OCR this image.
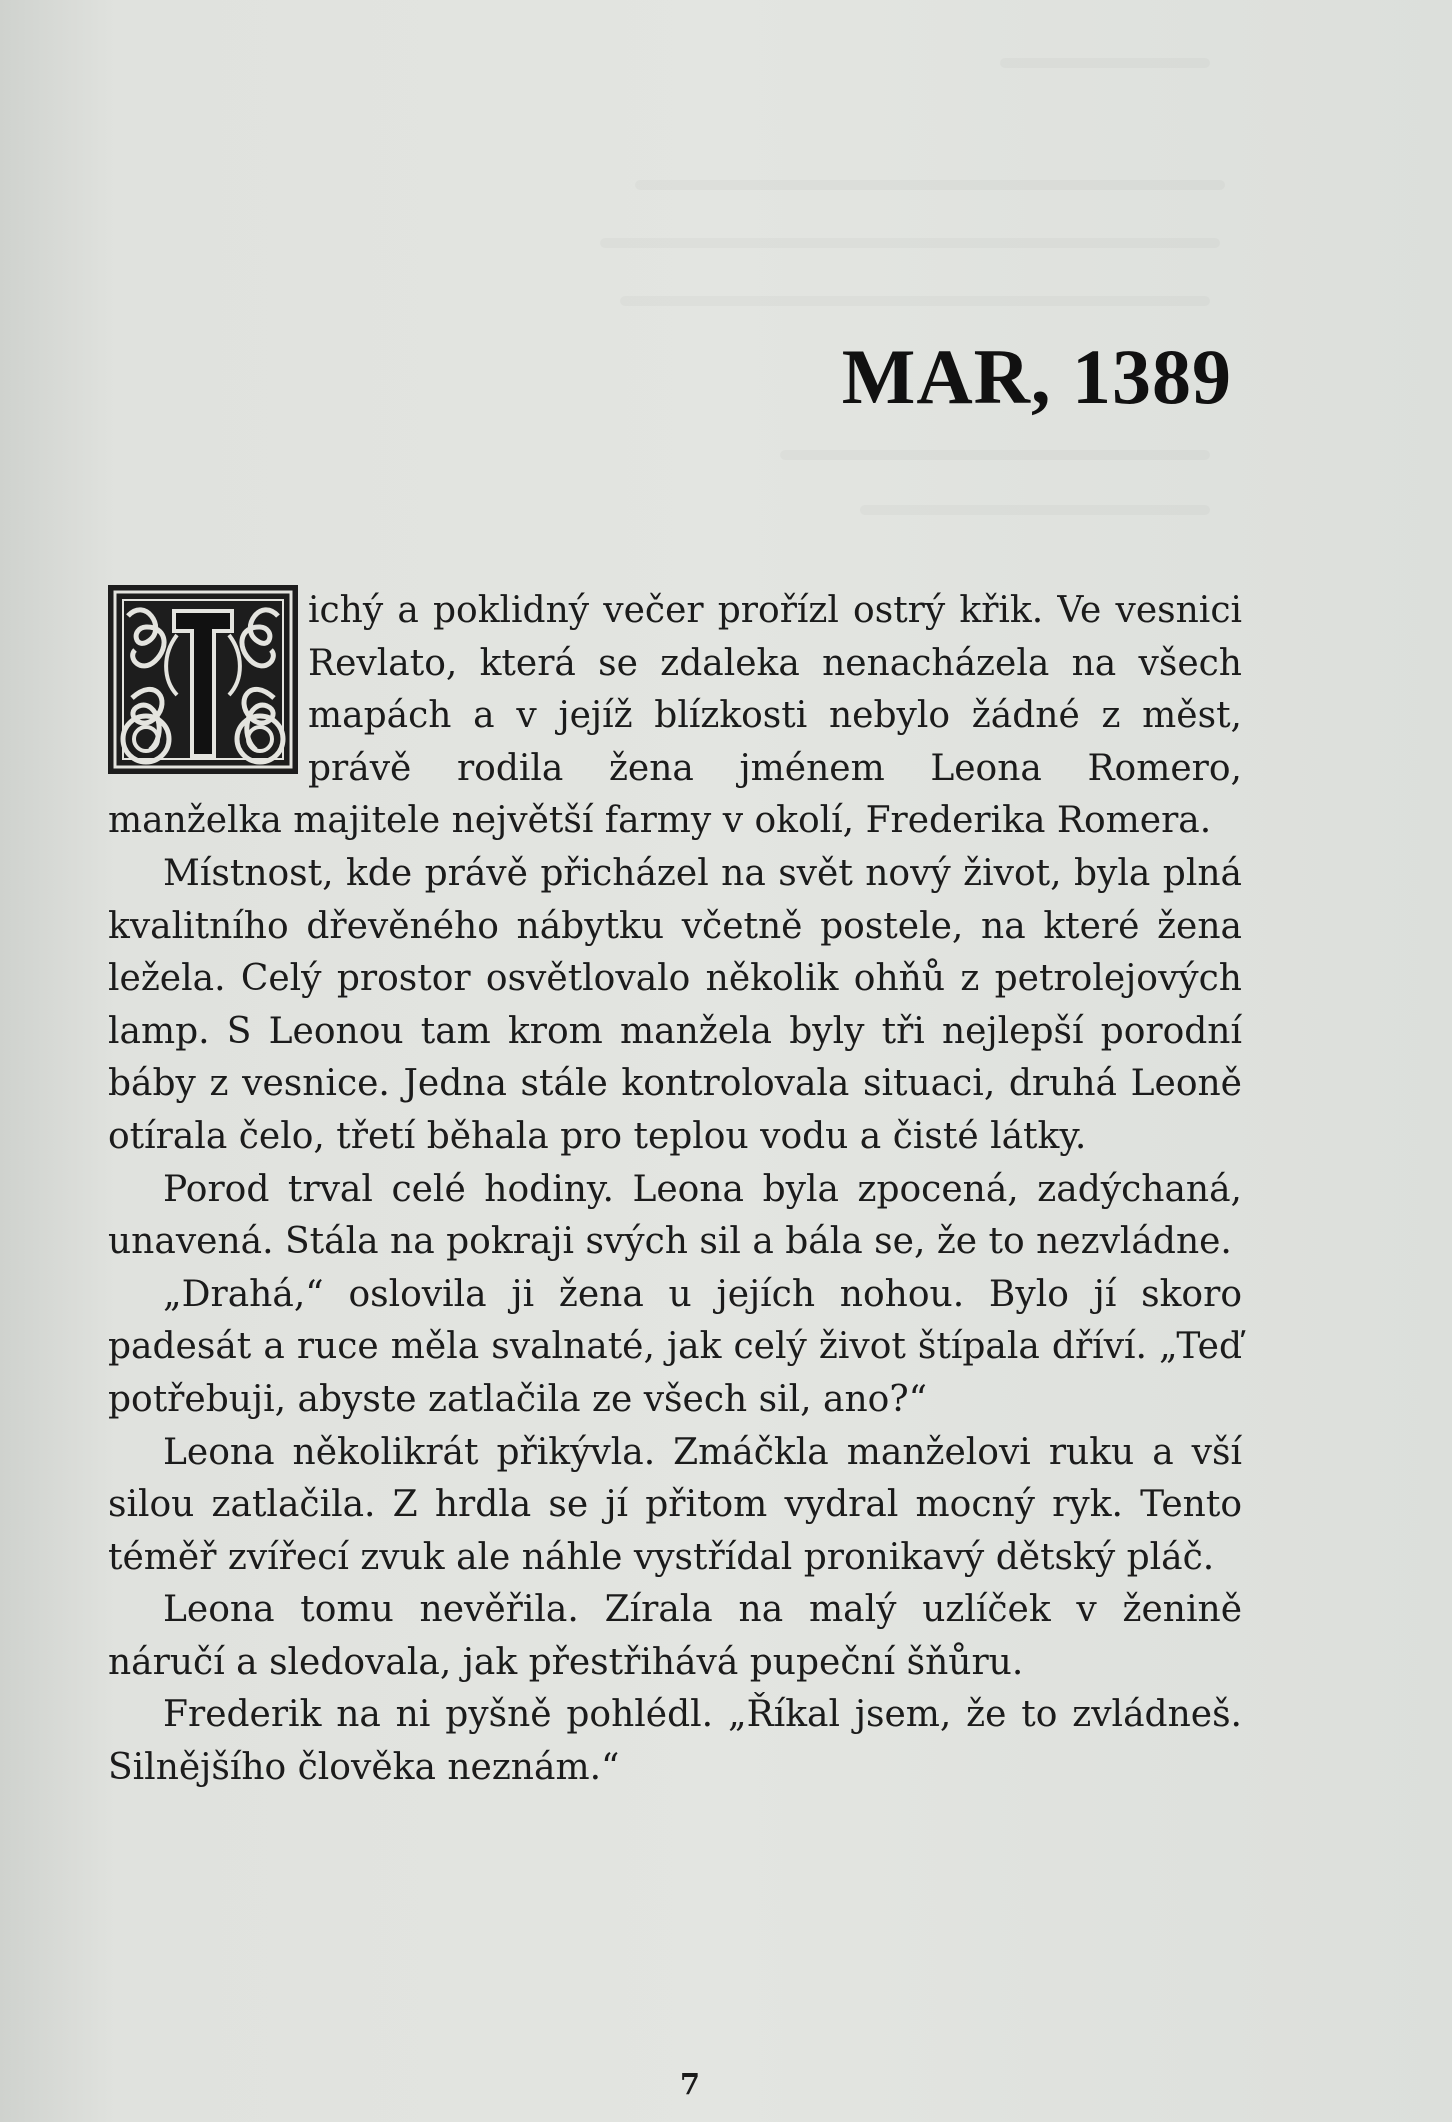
MAR, 1389

ichý a poklidný večer prořízl ostrý křik. Ve vesnici Revlato, která se zdaleka nenacházela na všech mapách a v jejíž blízkosti nebylo žádné z měst, právě rodila žena jménem Leona Romero, manželka majitele největší farmy v okolí, Frederika Romera.

Místnost, kde právě přicházel na svět nový život, byla plná kvalitního dřevěného nábytku včetně postele, na které žena ležela. Celý prostor osvětlovalo několik ohňů z petrolejových lamp. S Leonou tam krom manžela byly tři nejlepší porodní báby z vesnice. Jedna stále kontrolovala situaci, druhá Leoně otírala čelo, třetí běhala pro teplou vodu a čisté látky.

Porod trval celé hodiny. Leona byla zpocená, zadýchaná, unavená. Stála na pokraji svých sil a bála se, že to nezvládne.

„Drahá,“ oslovila ji žena u jejích nohou. Bylo jí skoro padesát a ruce měla svalnaté, jak celý život štípala dříví. „Teď potřebuji, abyste zatlačila ze všech sil, ano?“

Leona několikrát přikývla. Zmáčkla manželovi ruku a vší silou zatlačila. Z hrdla se jí přitom vydral mocný ryk. Tento téměř zvířecí zvuk ale náhle vystřídal pronikavý dětský pláč.

Leona tomu nevěřila. Zírala na malý uzlíček v ženině náručí a sledovala, jak přestřihává pupeční šňůru.

Frederik na ni pyšně pohlédl. „Říkal jsem, že to zvládneš. Silnějšího člověka neznám.“

7
